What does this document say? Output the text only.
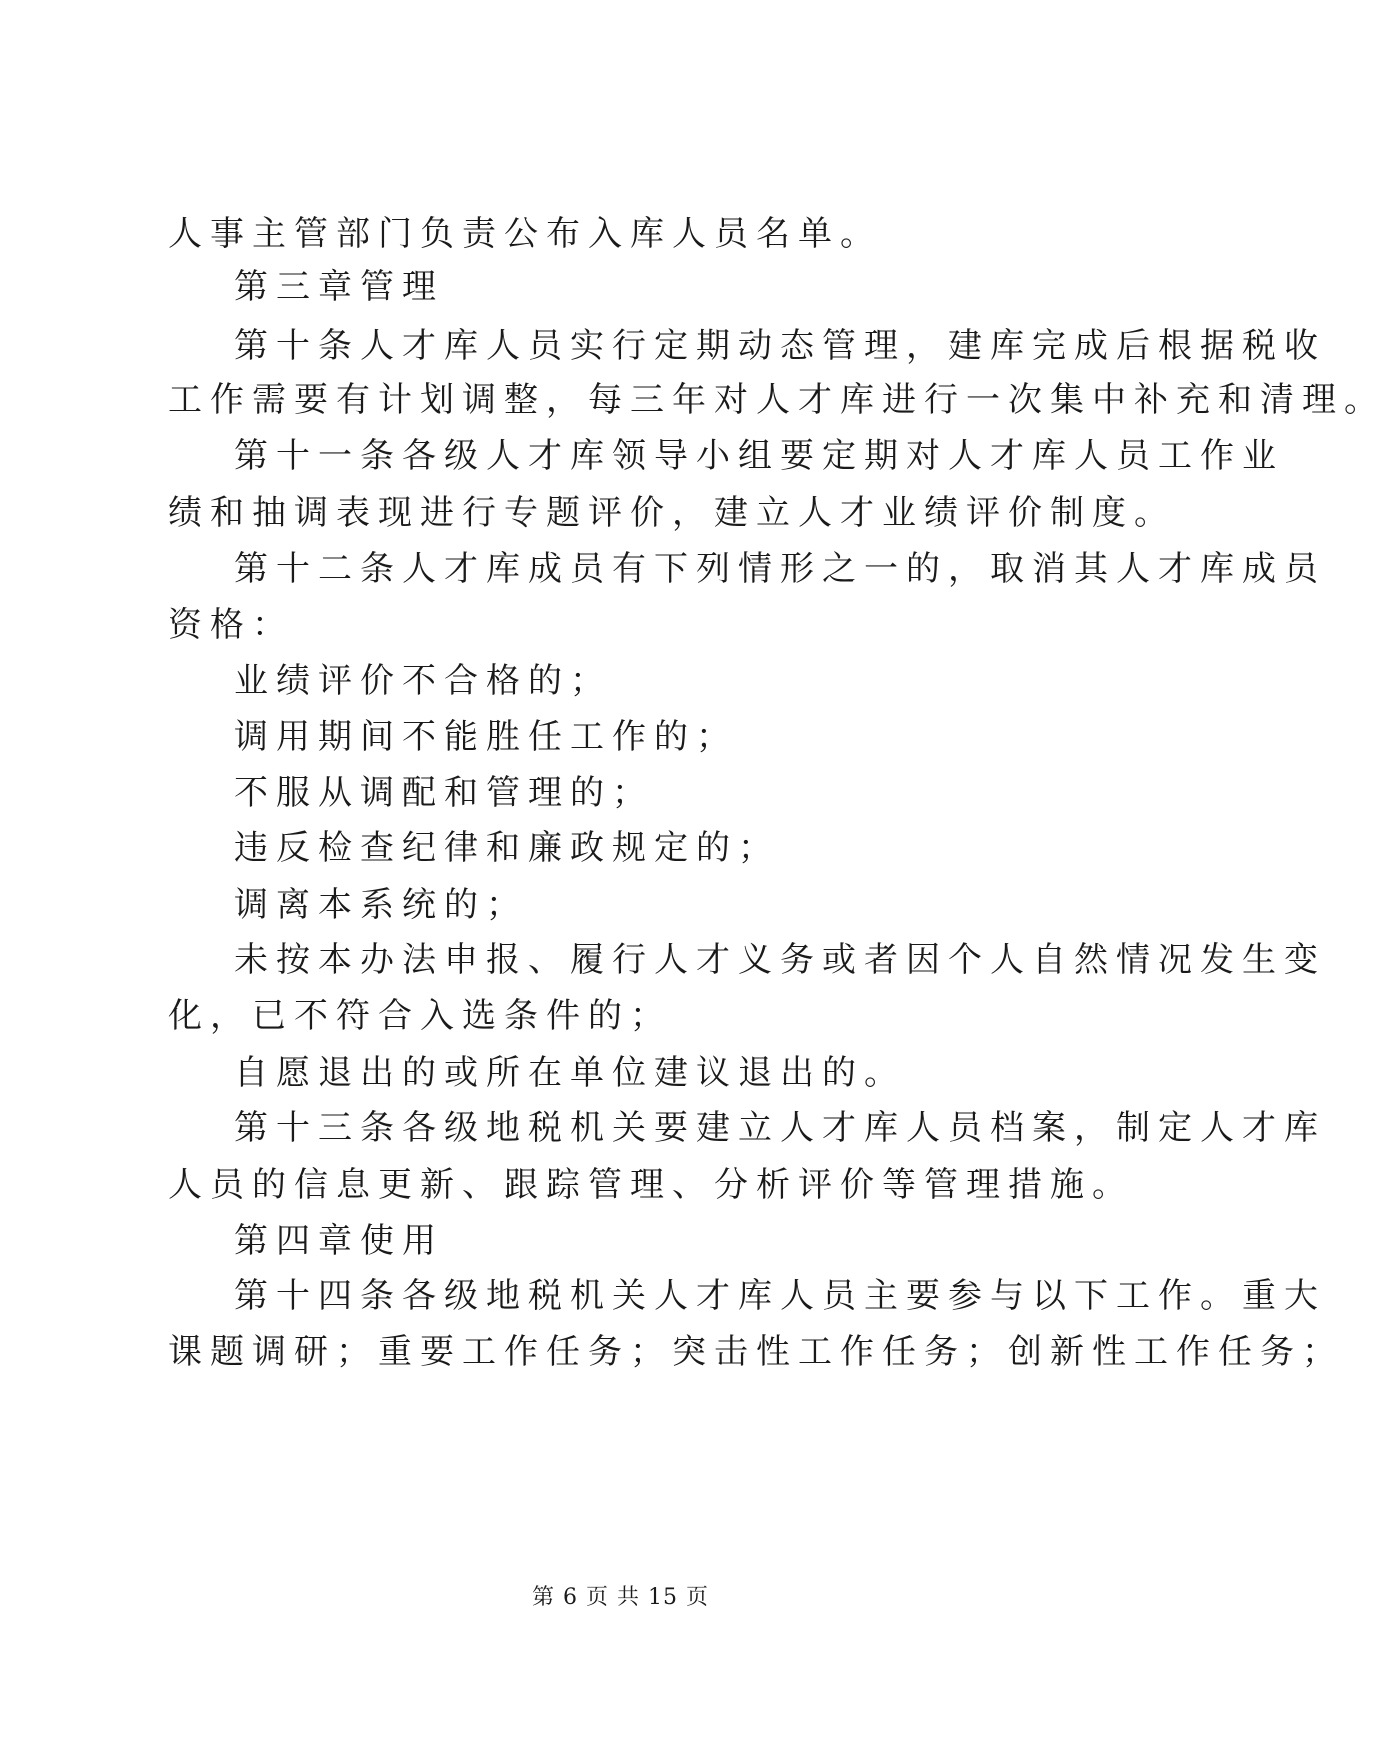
人事主管部门负责公布入库人员名单。
第三章管理
第十条人才库人员实行定期动态管理，建库完成后根据税收
工作需要有计划调整，每三年对人才库进行一次集中补充和清理。
第十一条各级人才库领导小组要定期对人才库人员工作业
绩和抽调表现进行专题评价，建立人才业绩评价制度。
第十二条人才库成员有下列情形之一的，取消其人才库成员
资格：
业绩评价不合格的；
调用期间不能胜任工作的；
不服从调配和管理的；
违反检查纪律和廉政规定的；
调离本系统的；
未按本办法申报、履行人才义务或者因个人自然情况发生变
化，已不符合入选条件的；
自愿退出的或所在单位建议退出的。
第十三条各级地税机关要建立人才库人员档案，制定人才库
人员的信息更新、跟踪管理、分析评价等管理措施。
第四章使用
第十四条各级地税机关人才库人员主要参与以下工作。重大
课题调研；重要工作任务；突击性工作任务；创新性工作任务；
第 6 页 共 15 页
